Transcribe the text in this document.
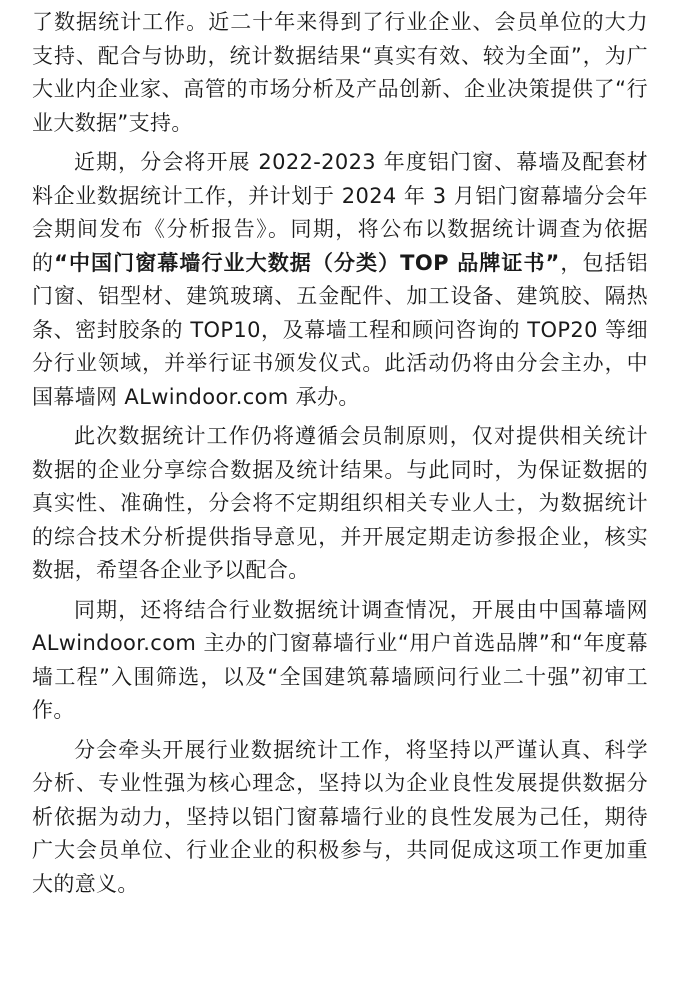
了数据统计工作。近二十年来得到了行业企业、会员单位的大力支持、配合与协助，统计数据结果“真实有效、较为全面”，为广大业内企业家、高管的市场分析及产品创新、企业决策提供了“行业大数据”支持。

近期，分会将开展 2022-2023 年度铝门窗、幕墙及配套材料企业数据统计工作，并计划于 2024 年 3 月铝门窗幕墙分会年会期间发布《分析报告》。同期，将公布以数据统计调查为依据的“中国门窗幕墙行业大数据（分类）TOP 品牌证书”，包括铝门窗、铝型材、建筑玻璃、五金配件、加工设备、建筑胶、隔热条、密封胶条的 TOP10，及幕墙工程和顾问咨询的 TOP20 等细分行业领域，并举行证书颁发仪式。此活动仍将由分会主办，中国幕墙网 ALwindoor.com 承办。

此次数据统计工作仍将遵循会员制原则，仅对提供相关统计数据的企业分享综合数据及统计结果。与此同时，为保证数据的真实性、准确性，分会将不定期组织相关专业人士，为数据统计的综合技术分析提供指导意见，并开展定期走访参报企业，核实数据，希望各企业予以配合。

同期，还将结合行业数据统计调查情况，开展由中国幕墙网 ALwindoor.com 主办的门窗幕墙行业“用户首选品牌”和“年度幕墙工程”入围筛选，以及“全国建筑幕墙顾问行业二十强”初审工作。

分会牵头开展行业数据统计工作，将坚持以严谨认真、科学分析、专业性强为核心理念，坚持以为企业良性发展提供数据分析依据为动力，坚持以铝门窗幕墙行业的良性发展为己任，期待广大会员单位、行业企业的积极参与，共同促成这项工作更加重大的意义。
